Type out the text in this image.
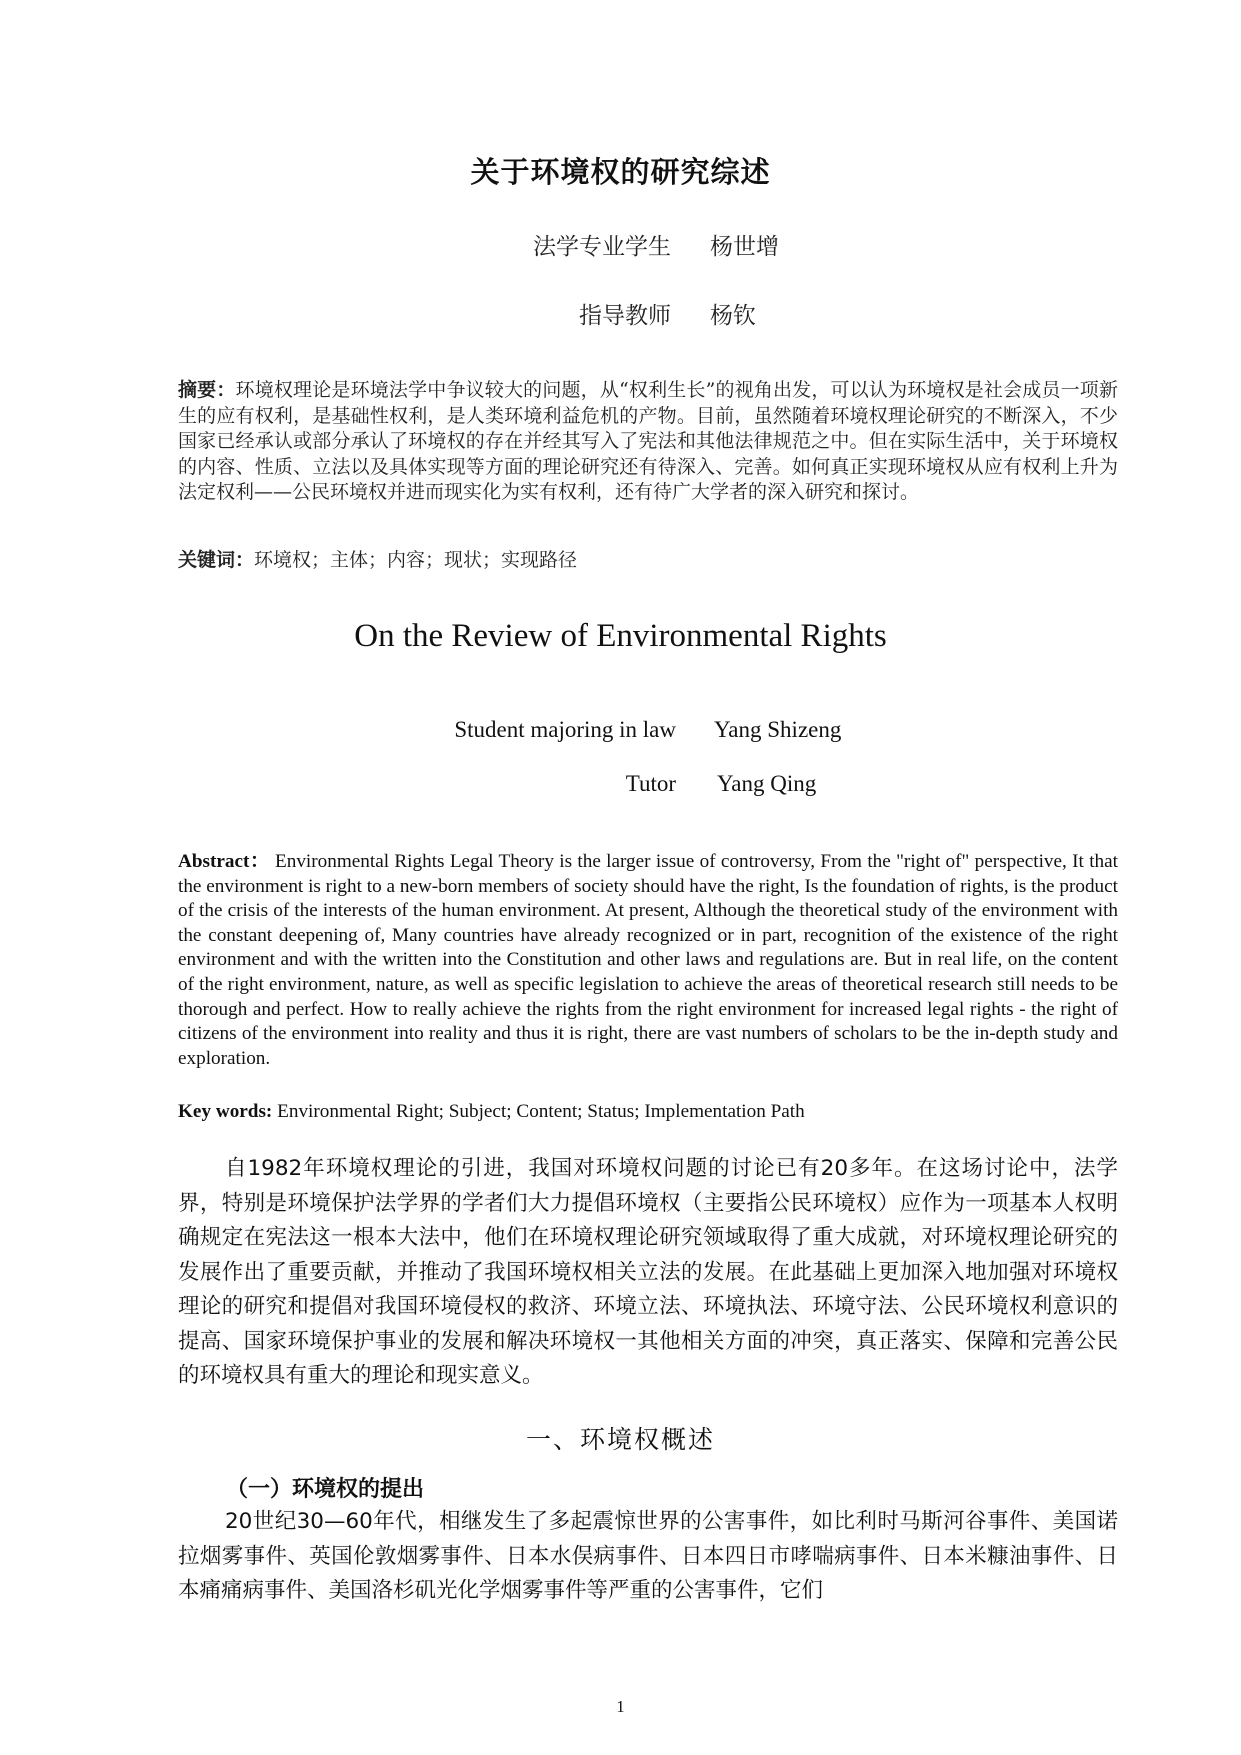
关于环境权的研究综述
法学专业学生 杨世增
指导教师 杨钦
摘要：环境权理论是环境法学中争议较大的问题，从“权利生长”的视角出发，可以认为环境权是社会成员一项新生的应有权利，是基础性权利，是人类环境利益危机的产物。目前，虽然随着环境权理论研究的不断深入，不少国家已经承认或部分承认了环境权的存在并经其写入了宪法和其他法律规范之中。但在实际生活中，关于环境权的内容、性质、立法以及具体实现等方面的理论研究还有待深入、完善。如何真正实现环境权从应有权利上升为法定权利——公民环境权并进而现实化为实有权利，还有待广大学者的深入研究和探讨。
关键词：环境权；主体；内容；现状；实现路径
On the Review of Environmental Rights
Student majoring in law Yang Shizeng
Tutor Yang Qing
Abstract： Environmental Rights Legal Theory is the larger issue of controversy, From the "right of" perspective, It that the environment is right to a new-born members of society should have the right, Is the foundation of rights, is the product of the crisis of the interests of the human environment. At present, Although the theoretical study of the environment with the constant deepening of, Many countries have already recognized or in part, recognition of the existence of the right environment and with the written into the Constitution and other laws and regulations are. But in real life, on the content of the right environment, nature, as well as specific legislation to achieve the areas of theoretical research still needs to be thorough and perfect. How to really achieve the rights from the right environment for increased legal rights - the right of citizens of the environment into reality and thus it is right, there are vast numbers of scholars to be the in-depth study and exploration.
Key words: Environmental Right; Subject; Content; Status; Implementation Path
自1982年环境权理论的引进，我国对环境权问题的讨论已有20多年。在这场讨论中，法学界，特别是环境保护法学界的学者们大力提倡环境权（主要指公民环境权）应作为一项基本人权明确规定在宪法这一根本大法中，他们在环境权理论研究领域取得了重大成就，对环境权理论研究的发展作出了重要贡献，并推动了我国环境权相关立法的发展。在此基础上更加深入地加强对环境权理论的研究和提倡对我国环境侵权的救济、环境立法、环境执法、环境守法、公民环境权利意识的提高、国家环境保护事业的发展和解决环境权一其他相关方面的冲突，真正落实、保障和完善公民的环境权具有重大的理论和现实意义。
一、环境权概述
（一）环境权的提出
20世纪30—60年代，相继发生了多起震惊世界的公害事件，如比利时马斯河谷事件、美国诺拉烟雾事件、英国伦敦烟雾事件、日本水俣病事件、日本四日市哮喘病事件、日本米糠油事件、日本痛痛病事件、美国洛杉矶光化学烟雾事件等严重的公害事件，它们
1
